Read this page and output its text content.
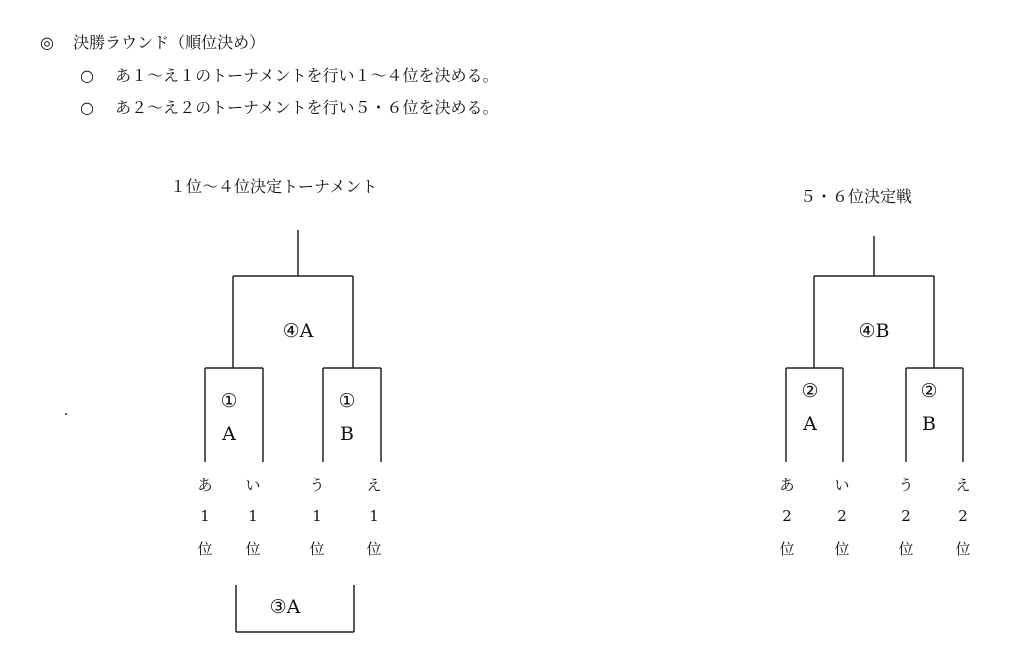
◎ 決勝ラウンド（順位決め）
○ あ１～え１のトーナメントを行い１～４位を決める。
○ あ２～え２のトーナメントを行い５・６位を決める。
１位～４位決定トーナメント
④A
①
A
①
B
③A
あ
1
位
い
1
位
う
1
位
え
1
位
５・６位決定戦
④B
②
A
②
B
あ
2
位
い
2
位
う
2
位
え
2
位
